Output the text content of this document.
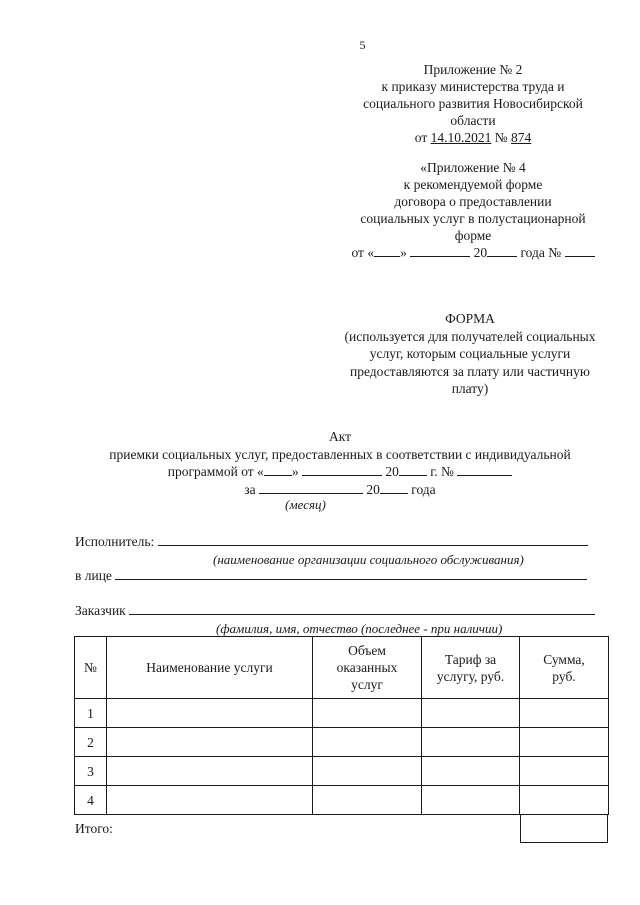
5
Приложение № 2
к приказу министерства труда и
социального развития Новосибирской
области
от 14.10.2021 № 874
«Приложение № 4
к рекомендуемой форме
договора о предоставлении
социальных услуг в полустационарной
форме
от « »	20 года №
ФОРМА
(используется для получателей социальных
услуг, которым социальные услуги
предоставляются за плату или частичную
плату)
Акт
приемки социальных услуг, предоставленных в соответствии с индивидуальной
программой от « »	20 г. №
за	20 года
(месяц)
Исполнитель:
(наименование организации социального обслуживания)
в лице
Заказчик
(фамилия, имя, отчество (последнее - при наличии)
№	Наименование услуги	Объем оказанных услуг	Тариф за услугу, руб.	Сумма, руб.

1				
2				
3				
4				
Итого:
